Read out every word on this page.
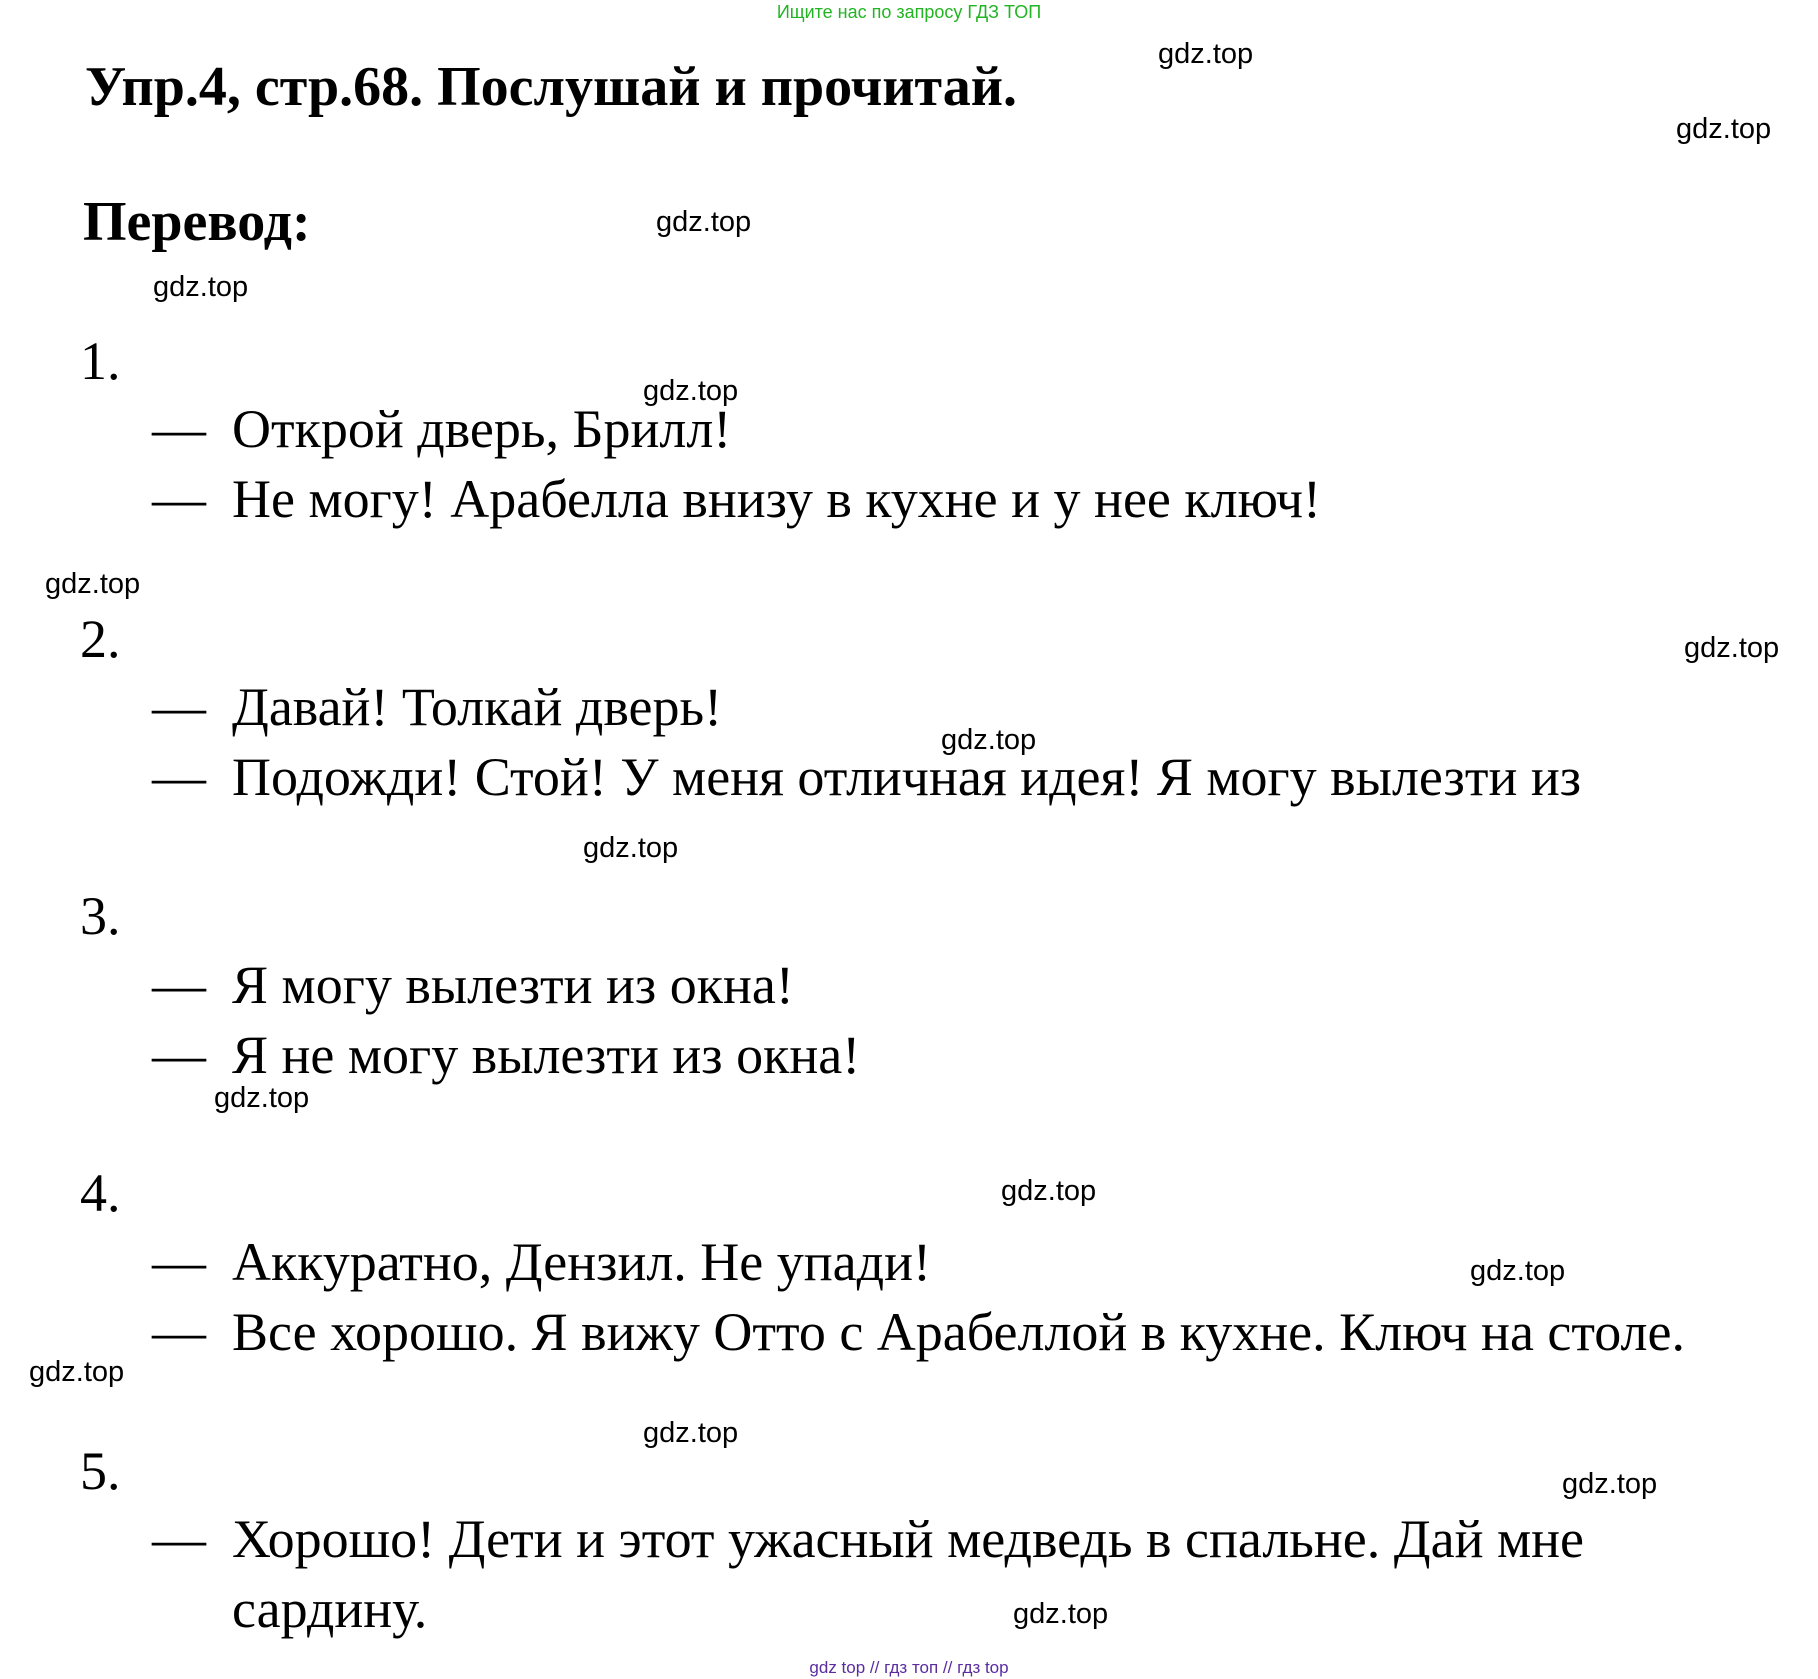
Ищите нас по запросу ГДЗ ТОП
Упр.4, стр.68. Послушай и прочитай.
Перевод:
1.
— Открой дверь, Брилл!
— Не могу! Арабелла внизу в кухне и у нее ключ!
2.
— Давай! Толкай дверь!
— Подожди! Стой! У меня отличная идея! Я могу вылезти из
3.
— Я могу вылезти из окна!
— Я не могу вылезти из окна!
4.
— Аккуратно, Дензил. Не упади!
— Все хорошо. Я вижу Отто с Арабеллой в кухне. Ключ на столе.
5.
— Хорошо! Дети и этот ужасный медведь в спальне. Дай мне
сардину.
gdz.top
gdz.top
gdz.top
gdz.top
gdz.top
gdz.top
gdz.top
gdz.top
gdz.top
gdz.top
gdz.top
gdz.top
gdz.top
gdz.top
gdz.top
gdz.top
gdz top // гдз топ // гдз top
